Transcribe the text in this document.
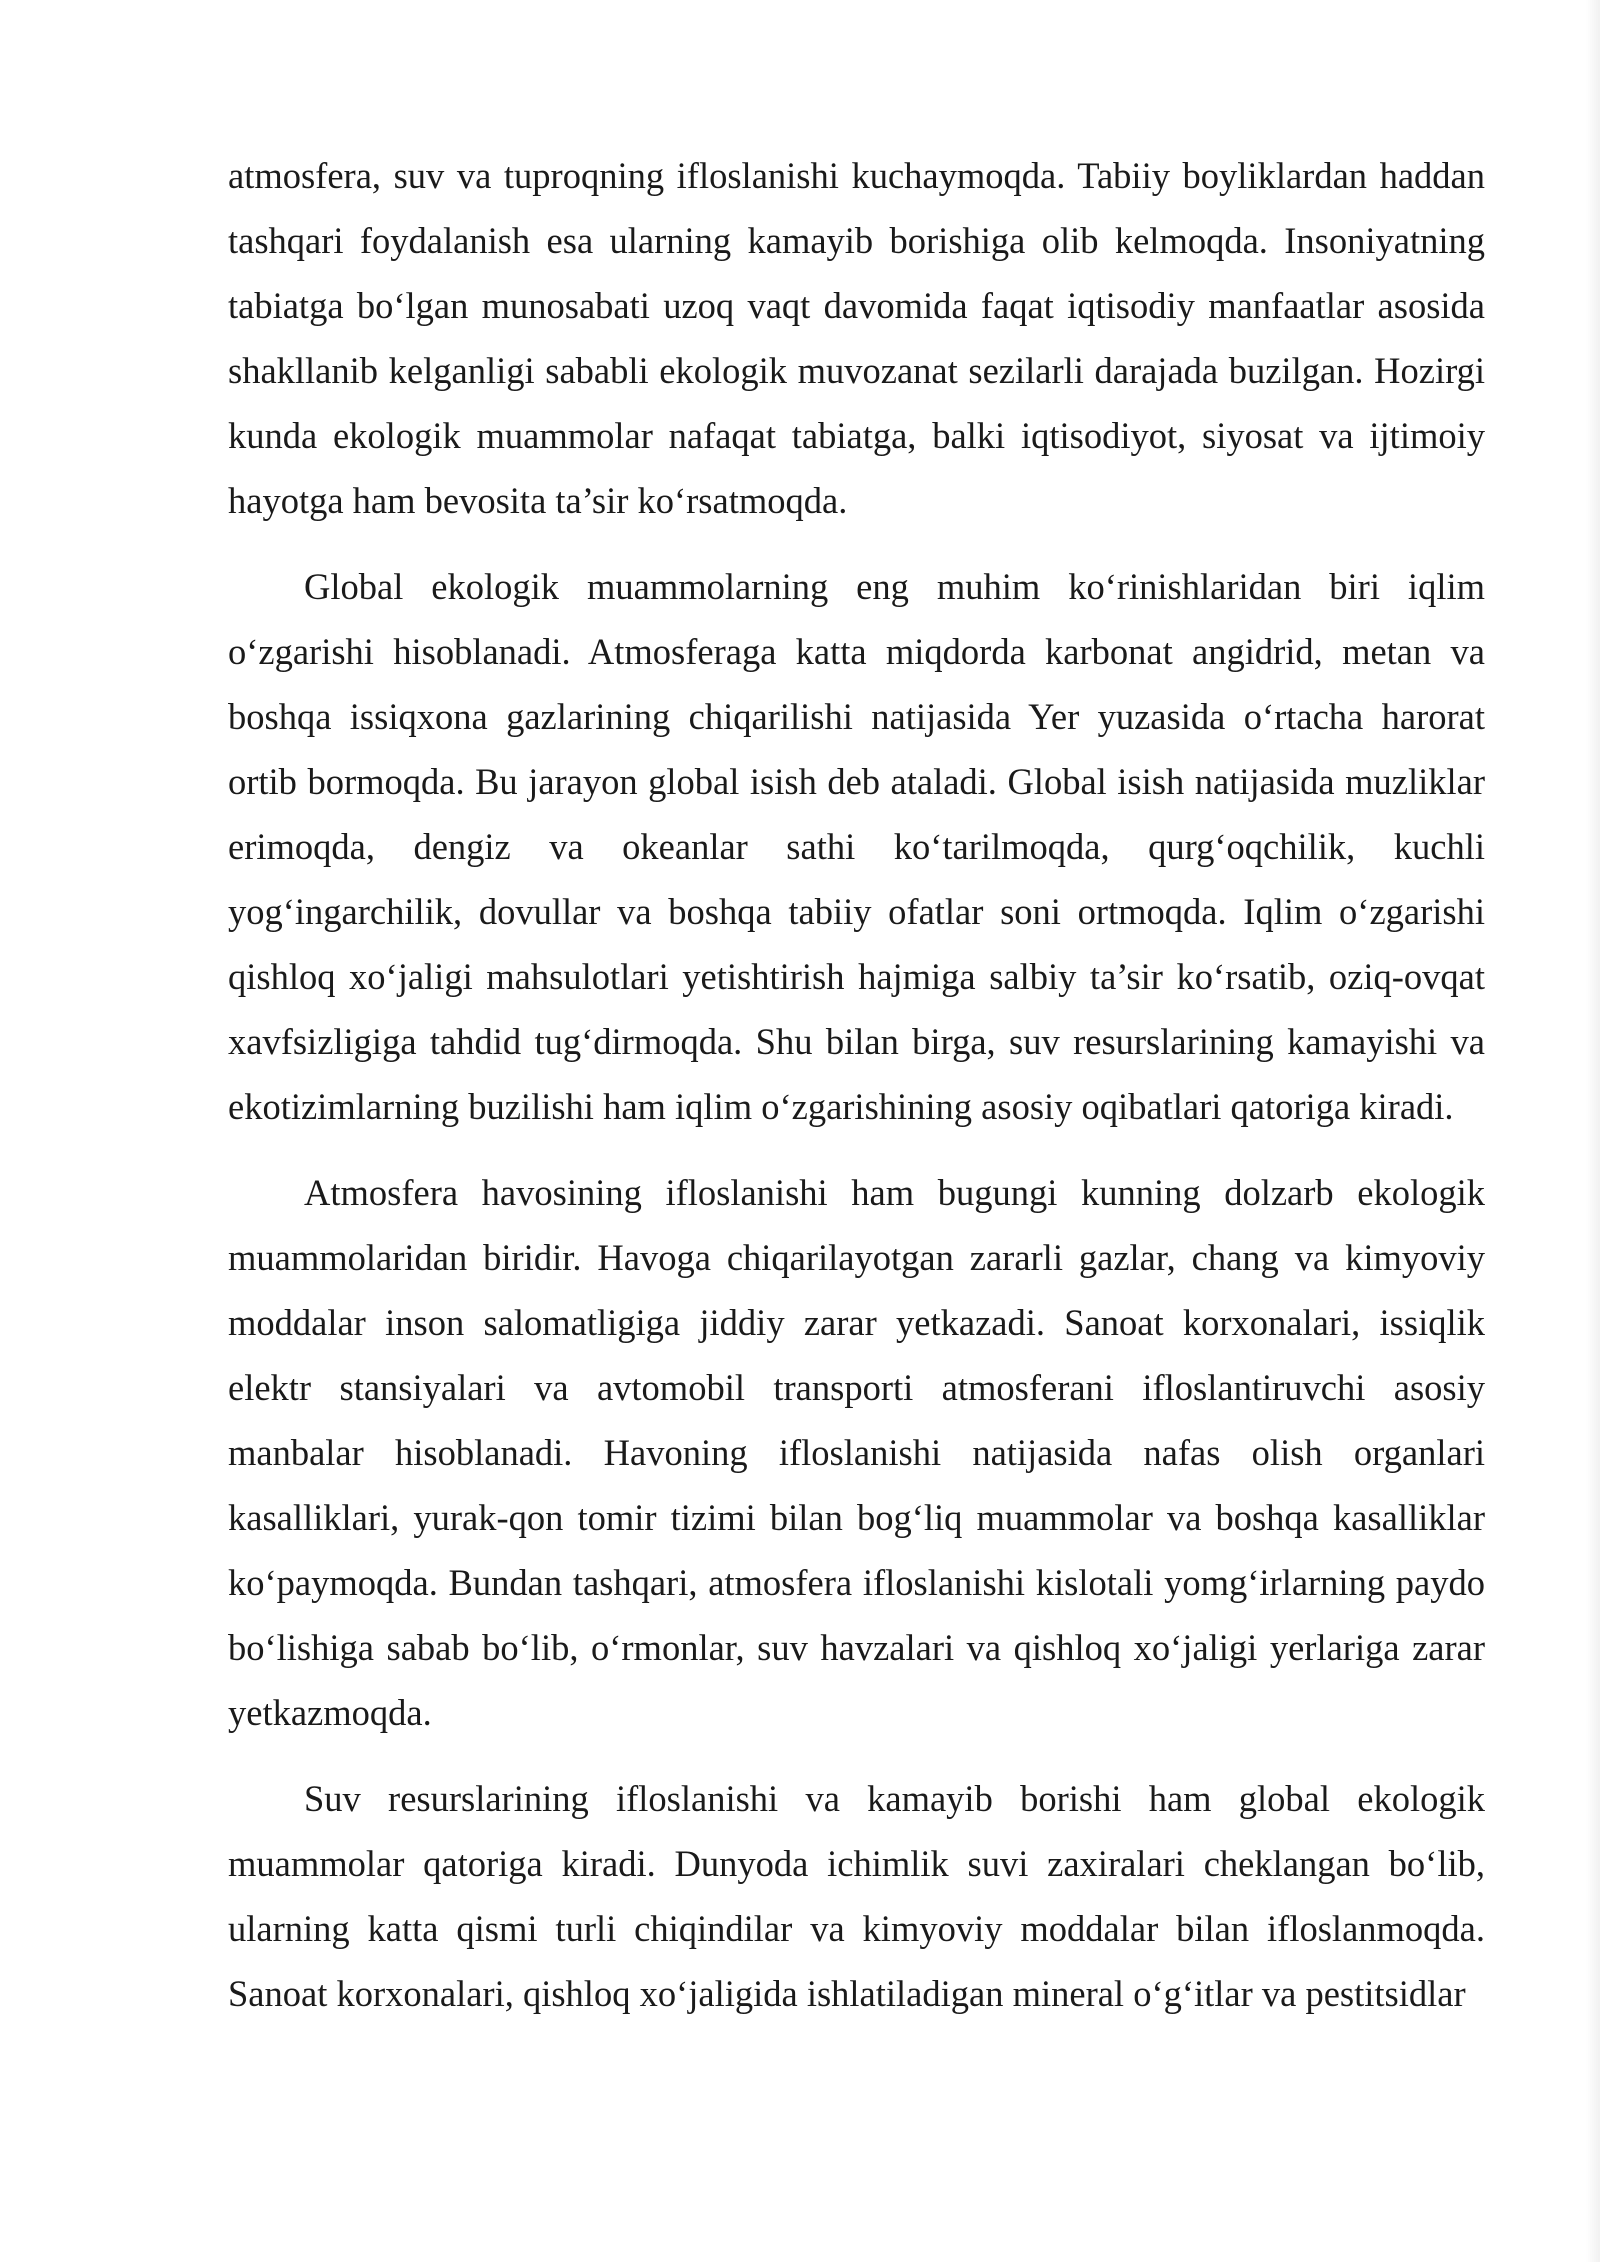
atmosfera, suv va tuproqning ifloslanishi kuchaymoqda. Tabiiy boyliklardan haddan tashqari foydalanish esa ularning kamayib borishiga olib kelmoqda. Insoniyatning tabiatga bo‘lgan munosabati uzoq vaqt davomida faqat iqtisodiy manfaatlar asosida shakllanib kelganligi sababli ekologik muvozanat sezilarli darajada buzilgan. Hozirgi kunda ekologik muammolar nafaqat tabiatga, balki iqtisodiyot, siyosat va ijtimoiy hayotga ham bevosita ta’sir ko‘rsatmoqda.

Global ekologik muammolarning eng muhim ko‘rinishlaridan biri iqlim o‘zgarishi hisoblanadi. Atmosferaga katta miqdorda karbonat angidrid, metan va boshqa issiqxona gazlarining chiqarilishi natijasida Yer yuzasida o‘rtacha harorat ortib bormoqda. Bu jarayon global isish deb ataladi. Global isish natijasida muzliklar erimoqda, dengiz va okeanlar sathi ko‘tarilmoqda, qurg‘oqchilik, kuchli yog‘ingarchilik, dovullar va boshqa tabiiy ofatlar soni ortmoqda. Iqlim o‘zgarishi qishloq xo‘jaligi mahsulotlari yetishtirish hajmiga salbiy ta’sir ko‘rsatib, oziq-ovqat xavfsizligiga tahdid tug‘dirmoqda. Shu bilan birga, suv resurslarining kamayishi va ekotizimlarning buzilishi ham iqlim o‘zgarishining asosiy oqibatlari qatoriga kiradi.

Atmosfera havosining ifloslanishi ham bugungi kunning dolzarb ekologik muammolaridan biridir. Havoga chiqarilayotgan zararli gazlar, chang va kimyoviy moddalar inson salomatligiga jiddiy zarar yetkazadi. Sanoat korxonalari, issiqlik elektr stansiyalari va avtomobil transporti atmosferani ifloslantiruvchi asosiy manbalar hisoblanadi. Havoning ifloslanishi natijasida nafas olish organlari kasalliklari, yurak-qon tomir tizimi bilan bog‘liq muammolar va boshqa kasalliklar ko‘paymoqda. Bundan tashqari, atmosfera ifloslanishi kislotali yomg‘irlarning paydo bo‘lishiga sabab bo‘lib, o‘rmonlar, suv havzalari va qishloq xo‘jaligi yerlariga zarar yetkazmoqda.

Suv resurslarining ifloslanishi va kamayib borishi ham global ekologik muammolar qatoriga kiradi. Dunyoda ichimlik suvi zaxiralari cheklangan bo‘lib, ularning katta qismi turli chiqindilar va kimyoviy moddalar bilan ifloslanmoqda. Sanoat korxonalari, qishloq xo‘jaligida ishlatiladigan mineral o‘g‘itlar va pestitsidlar
